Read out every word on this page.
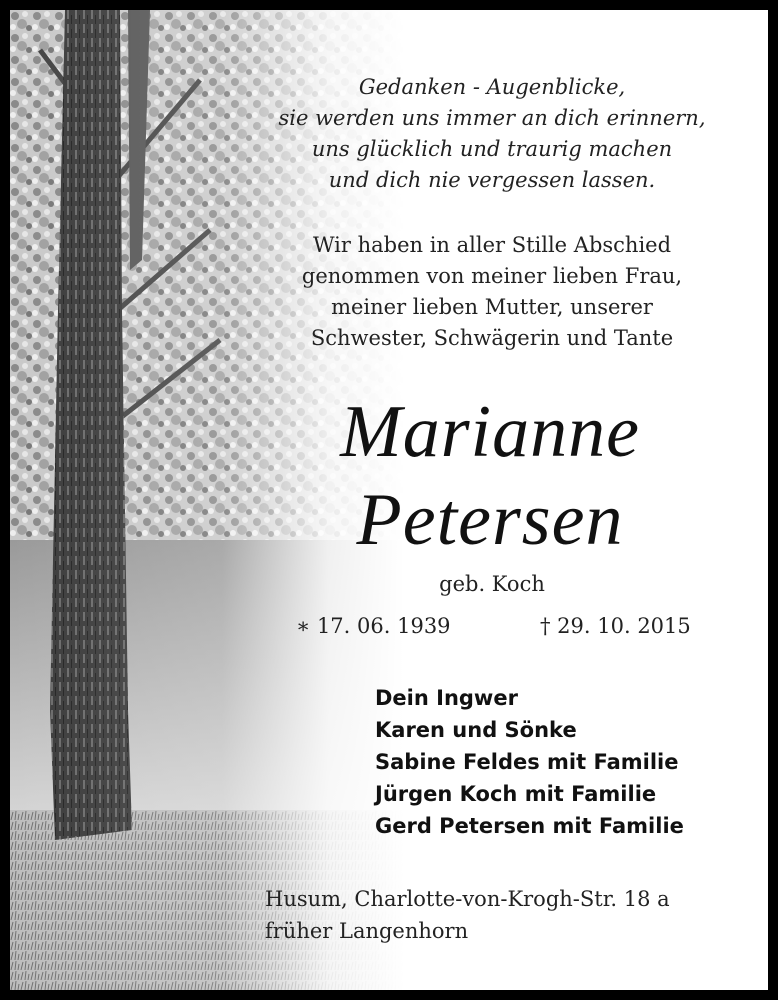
Gedanken - Augenblicke,
sie werden uns immer an dich erinnern,
uns glücklich und traurig machen
und dich nie vergessen lassen.
Wir haben in aller Stille Abschied
genommen von meiner lieben Frau,
meiner lieben Mutter, unserer
Schwester, Schwägerin und Tante
Marianne
Petersen
geb. Koch
∗ 17. 06. 1939	† 29. 10. 2015
Dein Ingwer
Karen und Sönke
Sabine Feldes mit Familie
Jürgen Koch mit Familie
Gerd Petersen mit Familie
Husum, Charlotte-von-Krogh-Str. 18 a
früher Langenhorn
